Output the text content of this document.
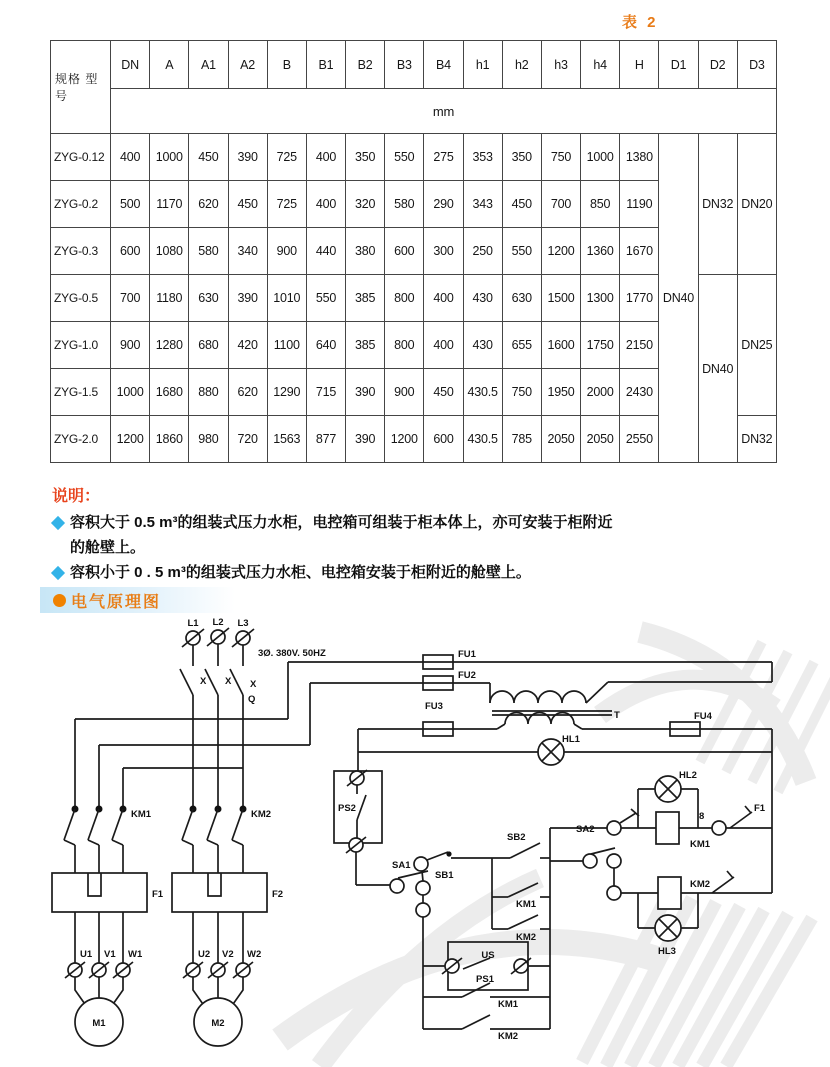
表 2
规格 型号	DN	A	A1	A2	B	B1	B2	B3	B4	h1	h2	h3	h4	H	D1	D2	D3
	mm																
ZYG-0.12	400	1000	450	390	725	400	350	550	275	353	350	750	1000	1380	DN40	DN32	DN20
ZYG-0.2	500	1170	620	450	725	400	320	580	290	343	450	700	850	1190			
ZYG-0.3	600	1080	580	340	900	440	380	600	300	250	550	1200	1360	1670			
ZYG-0.5	700	1180	630	390	1010	550	385	800	400	430	630	1500	1300	1770		DN40	DN25
ZYG-1.0	900	1280	680	420	1100	640	385	800	400	430	655	1600	1750	2150			
ZYG-1.5	1000	1680	880	620	1290	715	390	900	450	430.5	750	1950	2000	2430			
ZYG-2.0	1200	1860	980	720	1563	877	390	1200	600	430.5	785	2050	2050	2550			DN32
说明：
容积大于 0.5 m³的组装式压力水柜，电控箱可组装于柜本体上，亦可安装于柜附近
的舱壁上。
容积小于 0 . 5 m³的组装式压力水柜、电控箱安装于柜附近的舱壁上。
电气原理图
L1 L2 L3
3Ø. 380V. 50HZ
X X X
Q
KM1	KM2
F1	F2
U1 V1 W1
M1
U2 V2 W2
M2
FU1
FU2
T
FU3
FU4
HL1
PS2
SB1
SA1
SB2
KM1
KM2
SA2
HL2
8
KM1
F1
KM2
HL3
US
PS1
KM1
KM2
